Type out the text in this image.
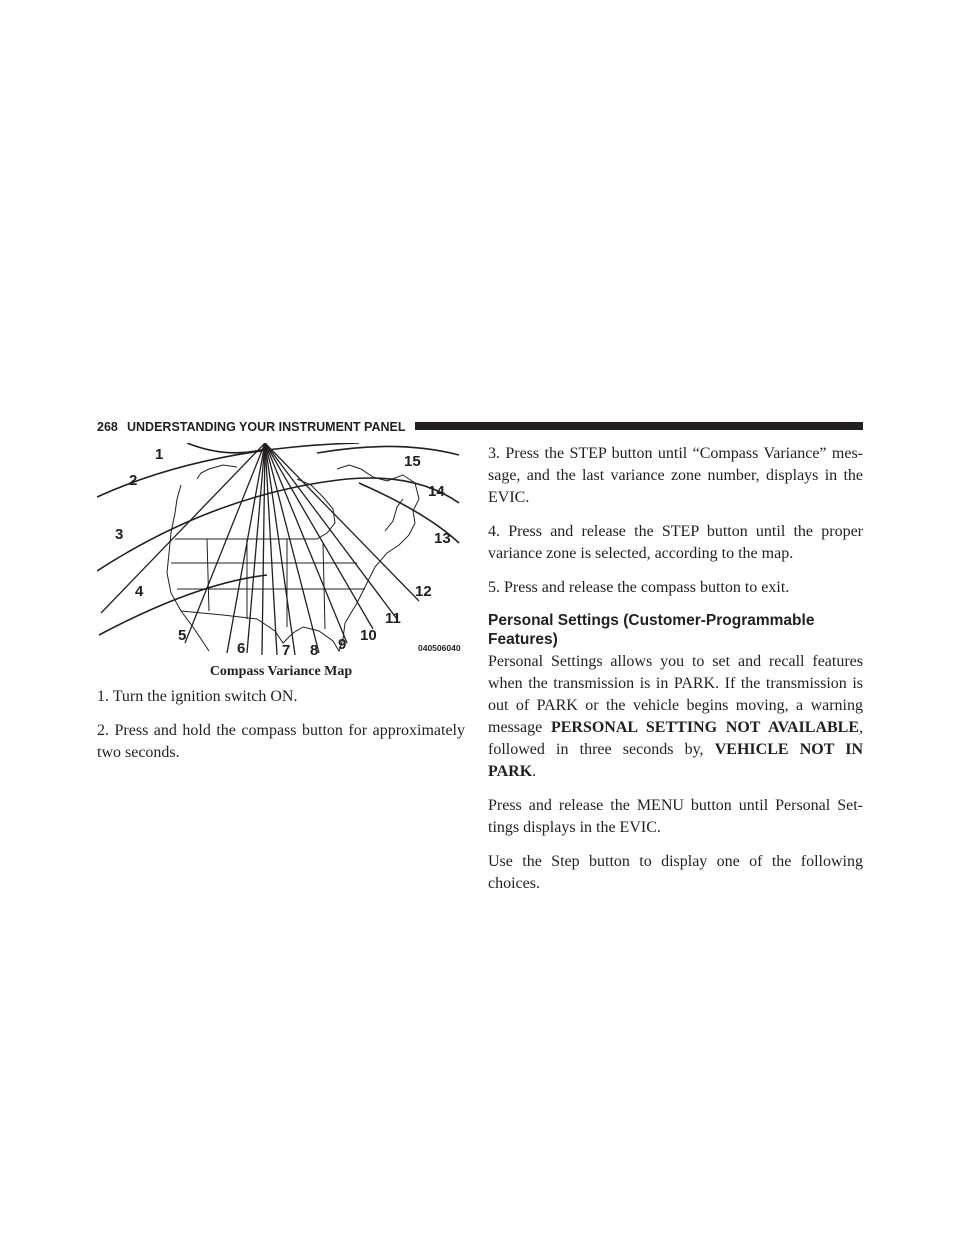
268 UNDERSTANDING YOUR INSTRUMENT PANEL
1
2
3
4
5
6 7 8 9
10
11
12
13
14
15
040506040
Compass Variance Map

1. Turn the ignition switch ON.

2. Press and hold the compass button for approximately two seconds.

3. Press the STEP button until “Compass Variance” mes- sage, and the last variance zone number, displays in the EVIC.

4. Press and release the STEP button until the proper variance zone is selected, according to the map.

5. Press and release the compass button to exit.

Personal Settings (Customer-Programmable Features)

Personal Settings allows you to set and recall features when the transmission is in PARK. If the transmission is out of PARK or the vehicle begins moving, a warning message PERSONAL SETTING NOT AVAILABLE, followed in three seconds by, VEHICLE NOT IN PARK.

Press and release the MENU button until Personal Set- tings displays in the EVIC.

Use the Step button to display one of the following choices.
